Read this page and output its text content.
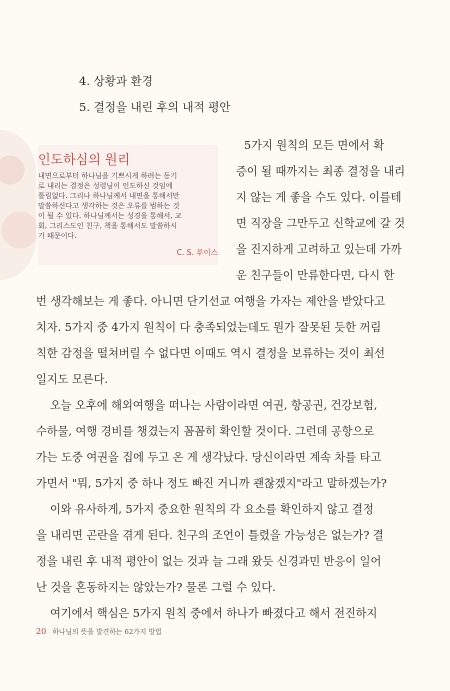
4. 상황과 환경
5. 결정을 내린 후의 내적 평안
인도하심의 원리
내면으로부터 하나님을 기쁘시게 하려는 동기
로 내리는 결정은 성령님이 인도하신 것임에
틀림없다. 그리나 하나님께서 내면을 통해서만
말씀하신다고 생각하는 것은 오류를 범하는 것
이 될 수 있다. 하나님께서는 성경을 통해서, 교
회, 그리스도인 친구, 책을 통해서도 말씀하시
기 때문이다.
C. S. 루이스
5가지 원칙의 모든 면에서 확
증이 될 때까지는 최종 결정을 내리
지 않는 게 좋을 수도 있다. 이를테
면 직장을 그만두고 신학교에 갈 것
을 진지하게 고려하고 있는데 가까
운 친구들이 만류한다면, 다시 한
번 생각해보는 게 좋다. 아니면 단기선교 여행을 가자는 제안을 받았다고
치자. 5가지 중 4가지 원칙이 다 충족되었는데도 뭔가 잘못된 듯한 꺼림
칙한 감정을 떨쳐버릴 수 없다면 이때도 역시 결정을 보류하는 것이 최선
일지도 모른다.
오늘 오후에 해외여행을 떠나는 사람이라면 여권, 항공권, 건강보험,
수하물, 여행 경비를 챙겼는지 꼼꼼히 확인할 것이다. 그런데 공항으로
가는 도중 여권을 집에 두고 온 게 생각났다. 당신이라면 계속 차를 타고
가면서 "뭐, 5가지 중 하나 정도 빠진 거니까 괜찮겠지"라고 말하겠는가?
이와 유사하게, 5가지 중요한 원칙의 각 요소를 확인하지 않고 결정
을 내리면 곤란을 겪게 된다. 친구의 조언이 틀렸을 가능성은 없는가? 결
정을 내린 후 내적 평안이 없는 것과 늘 그래 왔듯 신경과민 반응이 일어
난 것을 혼동하지는 않았는가? 물론 그럴 수 있다.
여기에서 핵심은 5가지 원칙 중에서 하나가 빠졌다고 해서 전진하지
20 하나님의 뜻을 발견하는 62가지 방법
